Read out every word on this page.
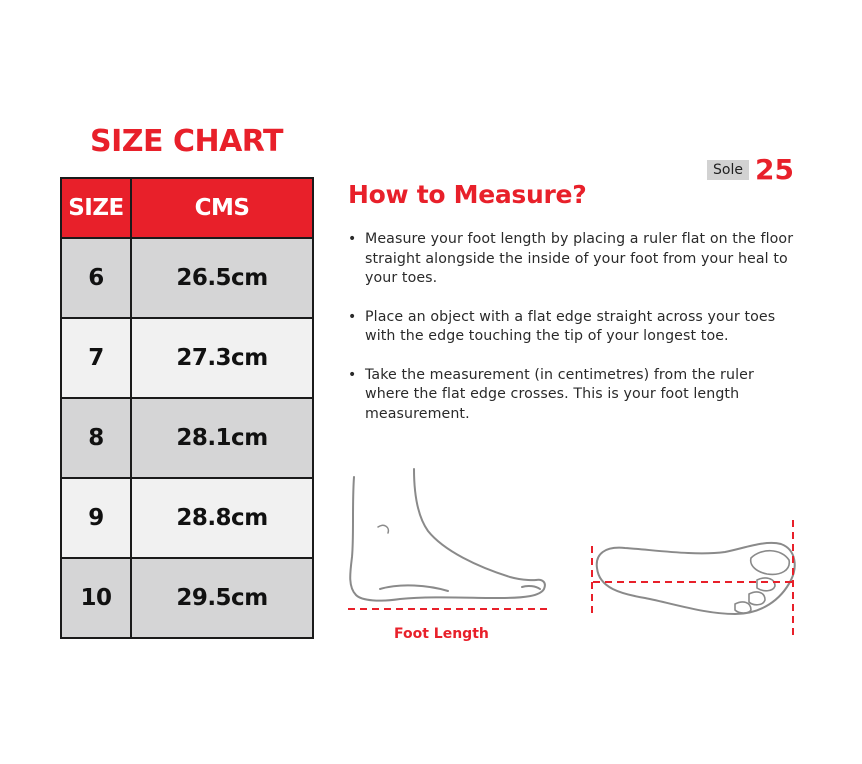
SIZE CHART
SIZE	CMS
6	26.5cm
7	27.3cm
8	28.1cm
9	28.8cm
10	29.5cm
Sole 25
How to Measure?
• Measure your foot length by placing a ruler flat on the floor straight alongside the inside of your foot from your heal to your toes.
• Place an object with a flat edge straight across your toes with the edge touching the tip of your longest toe.
• Take the measurement (in centimetres) from the ruler where the flat edge crosses. This is your foot length measurement.
Foot Length
